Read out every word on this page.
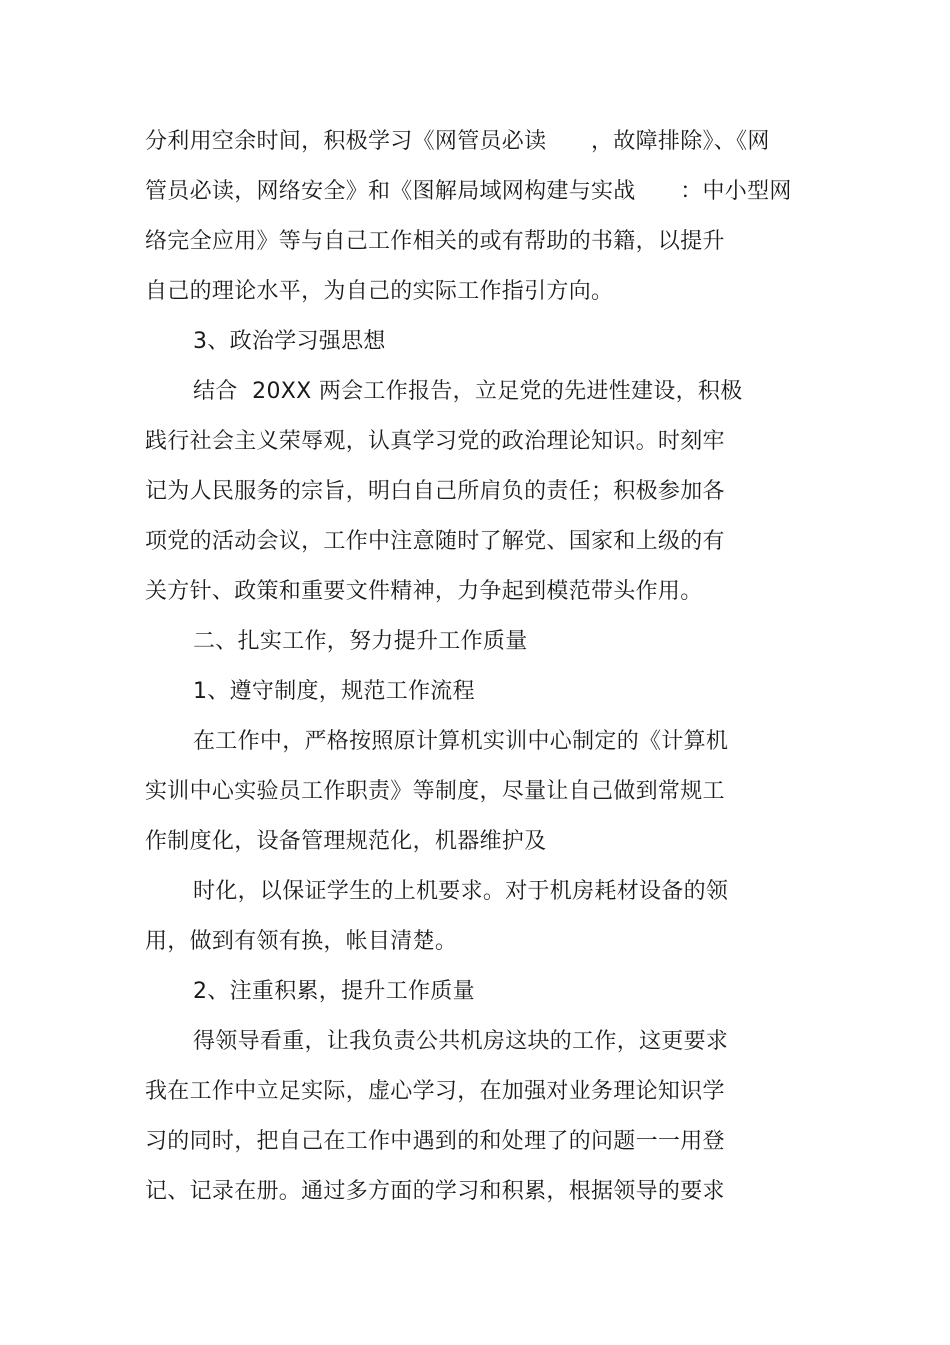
分利用空余时间，积极学习《网管员必读　　，故障排除》、《网
管员必读，网络安全》和《图解局域网构建与实战　　：中小型网
络完全应用》等与自己工作相关的或有帮助的书籍，以提升
自己的理论水平，为自己的实际工作指引方向。
3、政治学习强思想
结合  20XX 两会工作报告，立足党的先进性建设，积极
践行社会主义荣辱观，认真学习党的政治理论知识。时刻牢
记为人民服务的宗旨，明白自己所肩负的责任；积极参加各
项党的活动会议，工作中注意随时了解党、国家和上级的有
关方针、政策和重要文件精神，力争起到模范带头作用。
二、扎实工作，努力提升工作质量
1、遵守制度，规范工作流程
在工作中，严格按照原计算机实训中心制定的《计算机
实训中心实验员工作职责》等制度，尽量让自己做到常规工
作制度化，设备管理规范化，机器维护及
时化，以保证学生的上机要求。对于机房耗材设备的领
用，做到有领有换，帐目清楚。
2、注重积累，提升工作质量
得领导看重，让我负责公共机房这块的工作，这更要求
我在工作中立足实际，虚心学习，在加强对业务理论知识学
习的同时，把自己在工作中遇到的和处理了的问题一一用登
记、记录在册。通过多方面的学习和积累，根据领导的要求
